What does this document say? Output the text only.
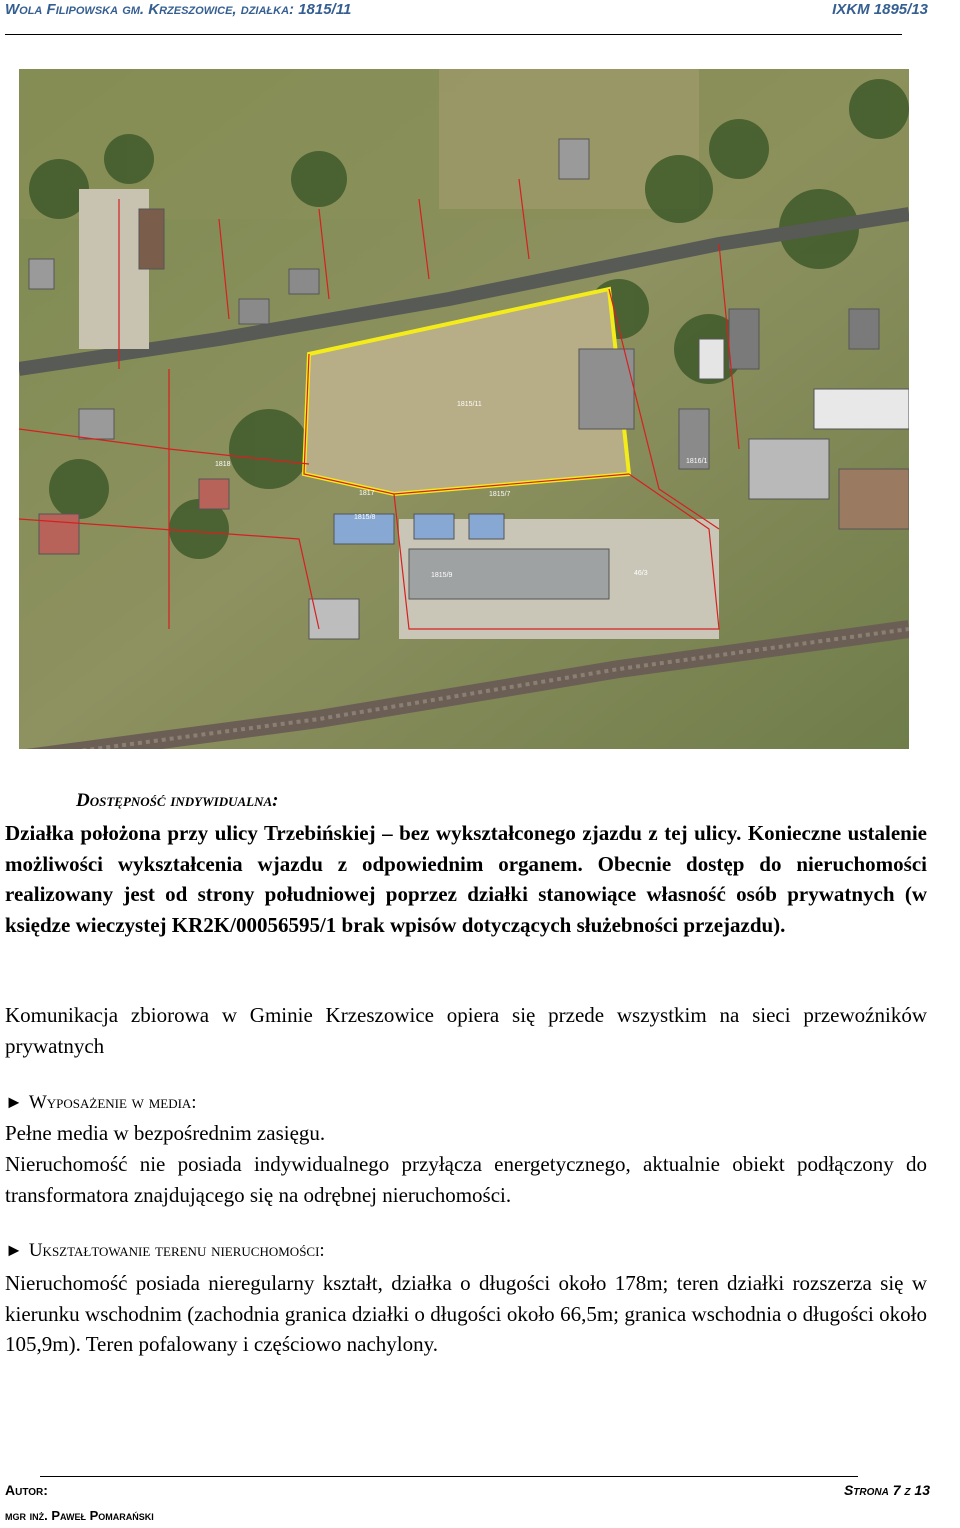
Wola Filipowska gm. Krzeszowice, działka: 1815/11	IXKM 1895/13
1815/11
1815/7
1816/1
1815/8
1815/9	46/3
1818
1817
Dostępność indywidualna:
Działka położona przy ulicy Trzebińskiej – bez wykształconego zjazdu z tej ulicy. Konieczne ustalenie możliwości wykształcenia wjazdu z odpowiednim organem. Obecnie dostęp do nieruchomości realizowany jest od strony południowej poprzez działki stanowiące własność osób prywatnych (w księdze wieczystej KR2K/00056595/1 brak wpisów dotyczących służebności przejazdu).
Komunikacja zbiorowa w Gminie Krzeszowice opiera się przede wszystkim na sieci przewoźników prywatnych
► Wyposażenie w media:
Pełne media w bezpośrednim zasięgu.
Nieruchomość nie posiada indywidualnego przyłącza energetycznego, aktualnie obiekt podłączony do transformatora znajdującego się na odrębnej nieruchomości.
► Ukształtowanie terenu nieruchomości:
Nieruchomość posiada nieregularny kształt, działka o długości około 178m; teren działki rozszerza się w kierunku wschodnim (zachodnia granica działki o długości około 66,5m; granica wschodnia o długości około 105,9m). Teren pofalowany i częściowo nachylony.
Autor:
mgr inż. Paweł Pomarański
Strona 7 z 13
